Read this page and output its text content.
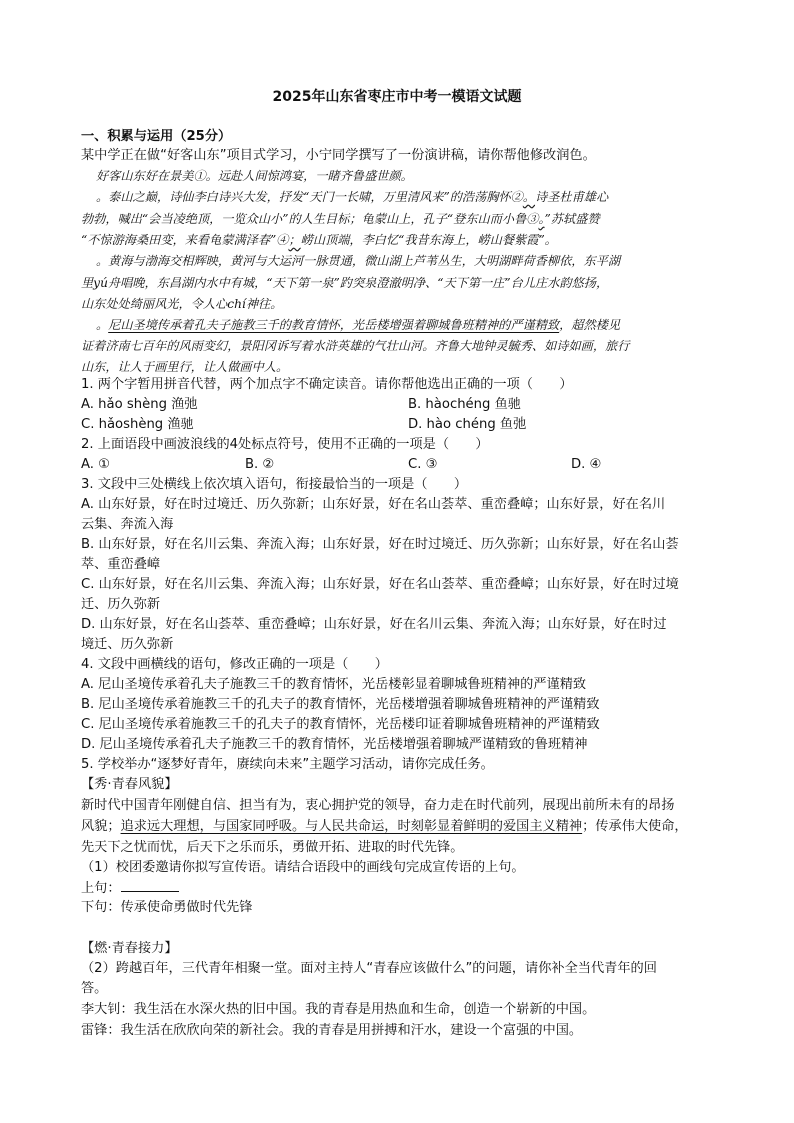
2025年山东省枣庄市中考一模语文试题
一、积累与运用（25分）
某中学正在做“好客山东”项目式学习，小宁同学撰写了一份演讲稿，请你帮他修改润色。
好客山东好在景美①。远赴人间惊鸿宴，一睹齐鲁盛世颜。
。泰山之巅，诗仙李白诗兴大发，抒发“天门一长啸，万里清风来”的浩荡胸怀②。诗圣杜甫雄心
勃勃，喊出“会当凌绝顶，一览众山小”的人生目标；龟蒙山上，孔子“登东山而小鲁③。”苏轼盛赞
“不惊游海桑田变，来看龟蒙满泽春”④；崂山顶端，李白忆“我昔东海上，崂山餐紫霞”。
。黄海与渤海交相辉映，黄河与大运河一脉贯通，微山湖上芦苇丛生，大明湖畔荷香柳依，东平湖
里yú舟唱晚，东昌湖内水中有城，“天下第一泉”趵突泉澄澈明净、“天下第一庄”台儿庄水韵悠扬，
山东处处绮丽风光，令人心chí神往。
。尼山圣境传承着孔夫子施教三千的教育情怀，光岳楼增强着聊城鲁班精神的严谨精致，超然楼见
证着济南七百年的风雨变幻，景阳冈诉写着水浒英雄的气壮山河。齐鲁大地钟灵毓秀、如诗如画，旅行
山东，让人于画里行，让人做画中人。
1. 两个字暂用拼音代替，两个加点字不确定读音。请你帮他选出正确的一项（　　）
A. hǎo shèng 渔弛	B. hàochéng 鱼驰
C. hǎoshèng 渔驰	D. hào chéng 鱼弛
2. 上面语段中画波浪线的4处标点符号，使用不正确的一项是（　　）
A. ①	B. ②	C. ③	D. ④
3. 文段中三处横线上依次填入语句，衔接最恰当的一项是（　　）
A. 山东好景，好在时过境迁、历久弥新；山东好景，好在名山荟萃、重峦叠嶂；山东好景，好在名川
云集、奔流入海
B. 山东好景，好在名川云集、奔流入海；山东好景，好在时过境迁、历久弥新；山东好景，好在名山荟
萃、重峦叠嶂
C. 山东好景，好在名川云集、奔流入海；山东好景，好在名山荟萃、重峦叠嶂；山东好景，好在时过境
迁、历久弥新
D. 山东好景，好在名山荟萃、重峦叠嶂；山东好景，好在名川云集、奔流入海；山东好景，好在时过
境迁、历久弥新
4. 文段中画横线的语句，修改正确的一项是（　　）
A. 尼山圣境传承着孔夫子施教三千的教育情怀，光岳楼彰显着聊城鲁班精神的严谨精致
B. 尼山圣境传承着施教三千的孔夫子的教育情怀，光岳楼增强着聊城鲁班精神的严谨精致
C. 尼山圣境传承着施教三千的孔夫子的教育情怀，光岳楼印证着聊城鲁班精神的严谨精致
D. 尼山圣境传承着孔夫子施教三千的教育情怀，光岳楼增强着聊城严谨精致的鲁班精神
5. 学校举办“逐梦好青年，赓续向未来”主题学习活动，请你完成任务。
【秀·青春风貌】
新时代中国青年刚健自信、担当有为，衷心拥护党的领导，奋力走在时代前列，展现出前所未有的昂扬
风貌；追求远大理想，与国家同呼吸。与人民共命运，时刻彰显着鲜明的爱国主义精神；传承伟大使命，
先天下之忧而忧，后天下之乐而乐，勇做开拓、进取的时代先锋。
（1）校团委邀请你拟写宣传语。请结合语段中的画线句完成宣传语的上句。
上句：
下句：传承使命勇做时代先锋
【燃·青春接力】
（2）跨越百年，三代青年相聚一堂。面对主持人“青春应该做什么”的问题，请你补全当代青年的回
答。
李大钊：我生活在水深火热的旧中国。我的青春是用热血和生命，创造一个崭新的中国。
雷锋：我生活在欣欣向荣的新社会。我的青春是用拼搏和汗水，建设一个富强的中国。
